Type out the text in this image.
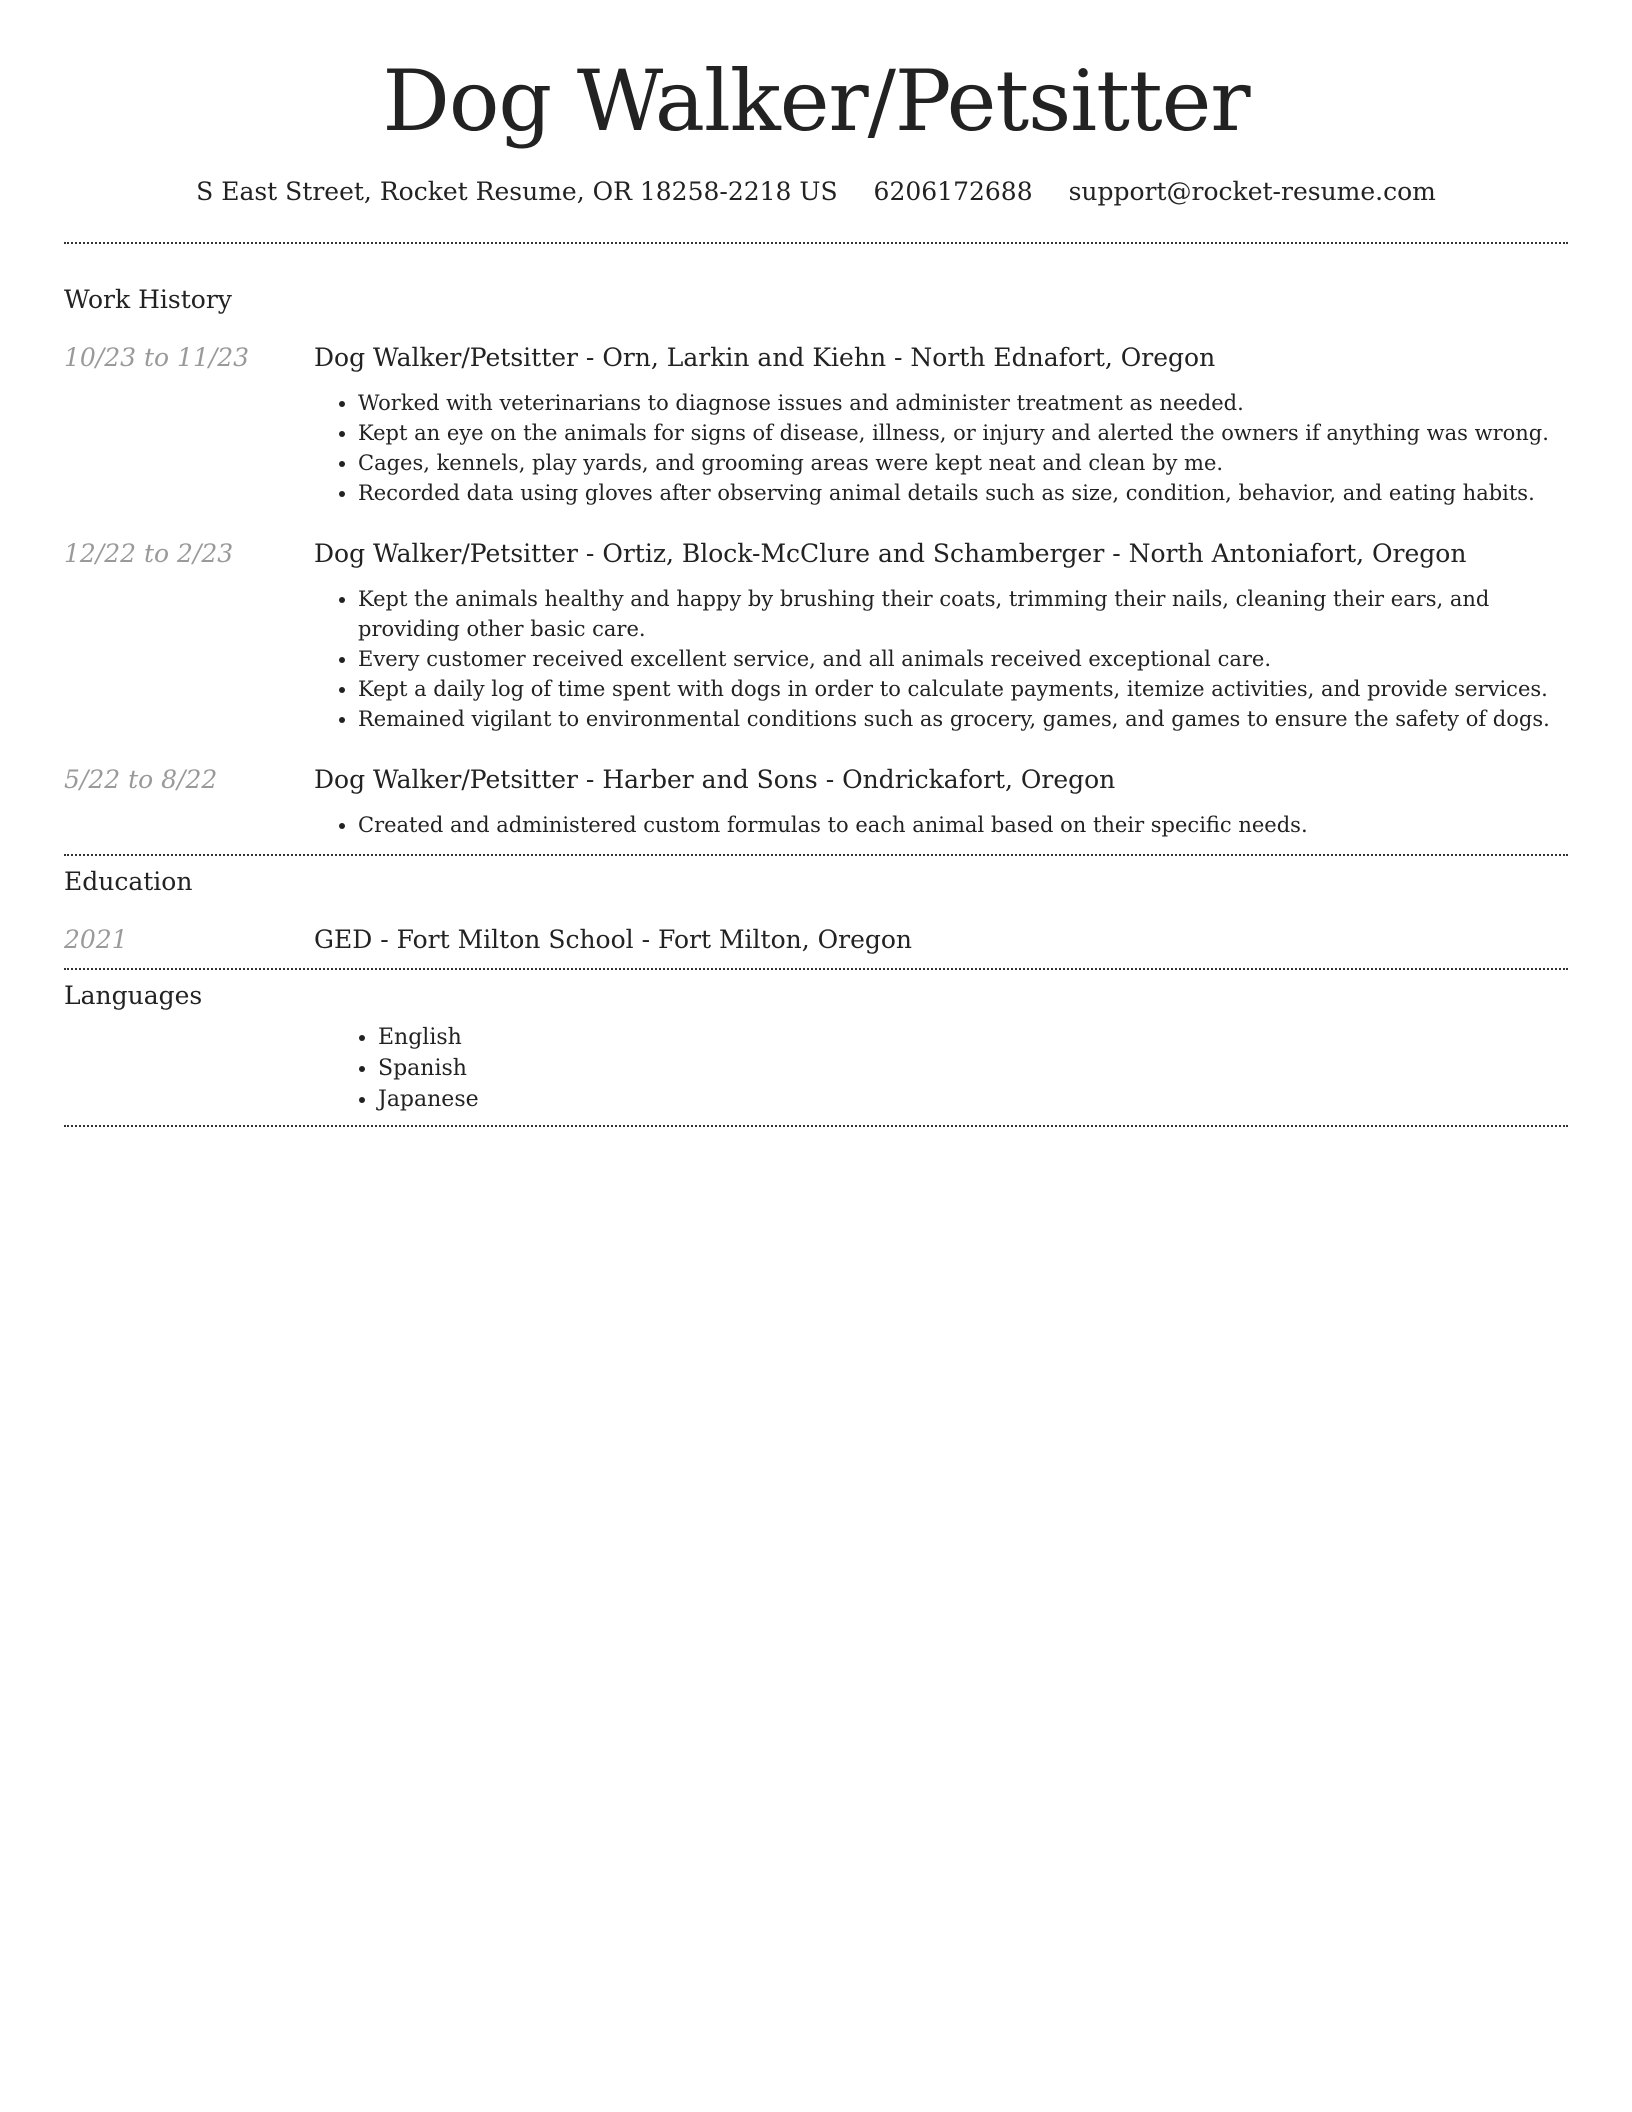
Dog Walker/Petsitter
S East Street, Rocket Resume, OR 18258-2218 US 6206172688 support@rocket-resume.com
Work History
10/23 to 11/23	Dog Walker/Petsitter - Orn, Larkin and Kiehn - North Ednafort, Oregon
• Worked with veterinarians to diagnose issues and administer treatment as needed.
• Kept an eye on the animals for signs of disease, illness, or injury and alerted the owners if anything was wrong.
• Cages, kennels, play yards, and grooming areas were kept neat and clean by me.
• Recorded data using gloves after observing animal details such as size, condition, behavior, and eating habits.
12/22 to 2/23	Dog Walker/Petsitter - Ortiz, Block-McClure and Schamberger - North Antoniafort, Oregon
• Kept the animals healthy and happy by brushing their coats, trimming their nails, cleaning their ears, and providing other basic care.
• Every customer received excellent service, and all animals received exceptional care.
• Kept a daily log of time spent with dogs in order to calculate payments, itemize activities, and provide services.
• Remained vigilant to environmental conditions such as grocery, games, and games to ensure the safety of dogs.
5/22 to 8/22	Dog Walker/Petsitter - Harber and Sons - Ondrickafort, Oregon
• Created and administered custom formulas to each animal based on their specific needs.
Education
2021	GED - Fort Milton School - Fort Milton, Oregon
Languages
• English
• Spanish
• Japanese
